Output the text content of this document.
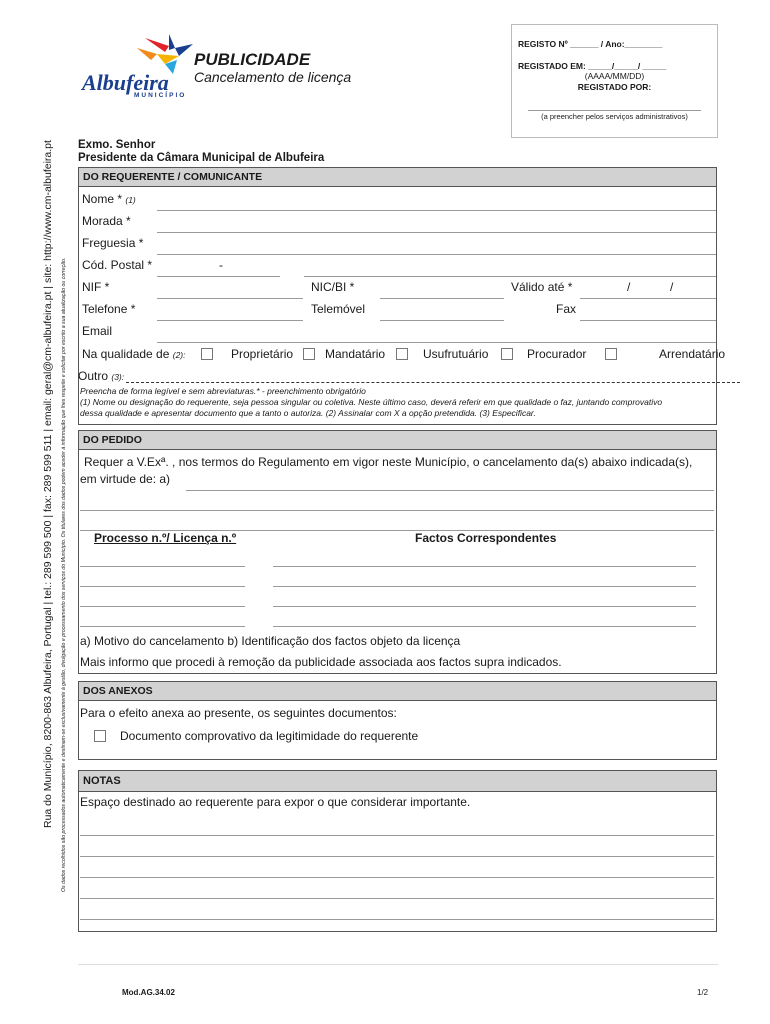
Rua do Município, 8200-863 Albufeira, Portugal | tel.: 289 599 500 | fax: 289 599 511 | email: geral@cm-albufeira.pt | site: http://www.cm-albufeira.pt Os dados recolhidos são processados automaticamente e destinam-se exclusivamente à gestão, divulgação e processamento dos serviços do Município. Os titulares dos dados podem aceder à informação que lhes respeite e solicitar por escrito a sua atualização ou correção.
Albufeira
MUNICÍPIO
PUBLICIDADE
Cancelamento de licença
REGISTO Nº ______ / Ano:________
REGISTADO EM: _____/_____/ _____
(AAAA/MM/DD)
REGISTADO POR:
(a preencher pelos serviços administrativos)
Exmo. Senhor
Presidente da Câmara Municipal de Albufeira
DO REQUERENTE / COMUNICANTE
Nome * (1)
Morada *
Freguesia *
Cód. Postal *	-
NIF *	NIC/BI *	Válido até *	/	/
Telefone *	Telemóvel	Fax
Email
Na qualidade de (2):	Proprietário	Mandatário	Usufrutuário	Procurador	Arrendatário
Outro (3):
Preencha de forma legível e sem abreviaturas.* - preenchimento obrigatório
(1) Nome ou designação do requerente, seja pessoa singular ou coletiva. Neste último caso, deverá referir em que qualidade o faz, juntando comprovativo
dessa qualidade e apresentar documento que a tanto o autoriza. (2) Assinalar com X a opção pretendida. (3) Especificar.
DO PEDIDO
Requer a V.Exª. , nos termos do Regulamento em vigor neste Município, o cancelamento da(s) abaixo indicada(s),
em virtude de: a)
Processo n.º/ Licença n.º	Factos Correspondentes
a) Motivo do cancelamento b) Identificação dos factos objeto da licença
Mais informo que procedi à remoção da publicidade associada aos factos supra indicados.
DOS ANEXOS
Para o efeito anexa ao presente, os seguintes documentos:
Documento comprovativo da legitimidade do requerente
NOTAS
Espaço destinado ao requerente para expor o que considerar importante.
Mod.AG.34.02	1/2
